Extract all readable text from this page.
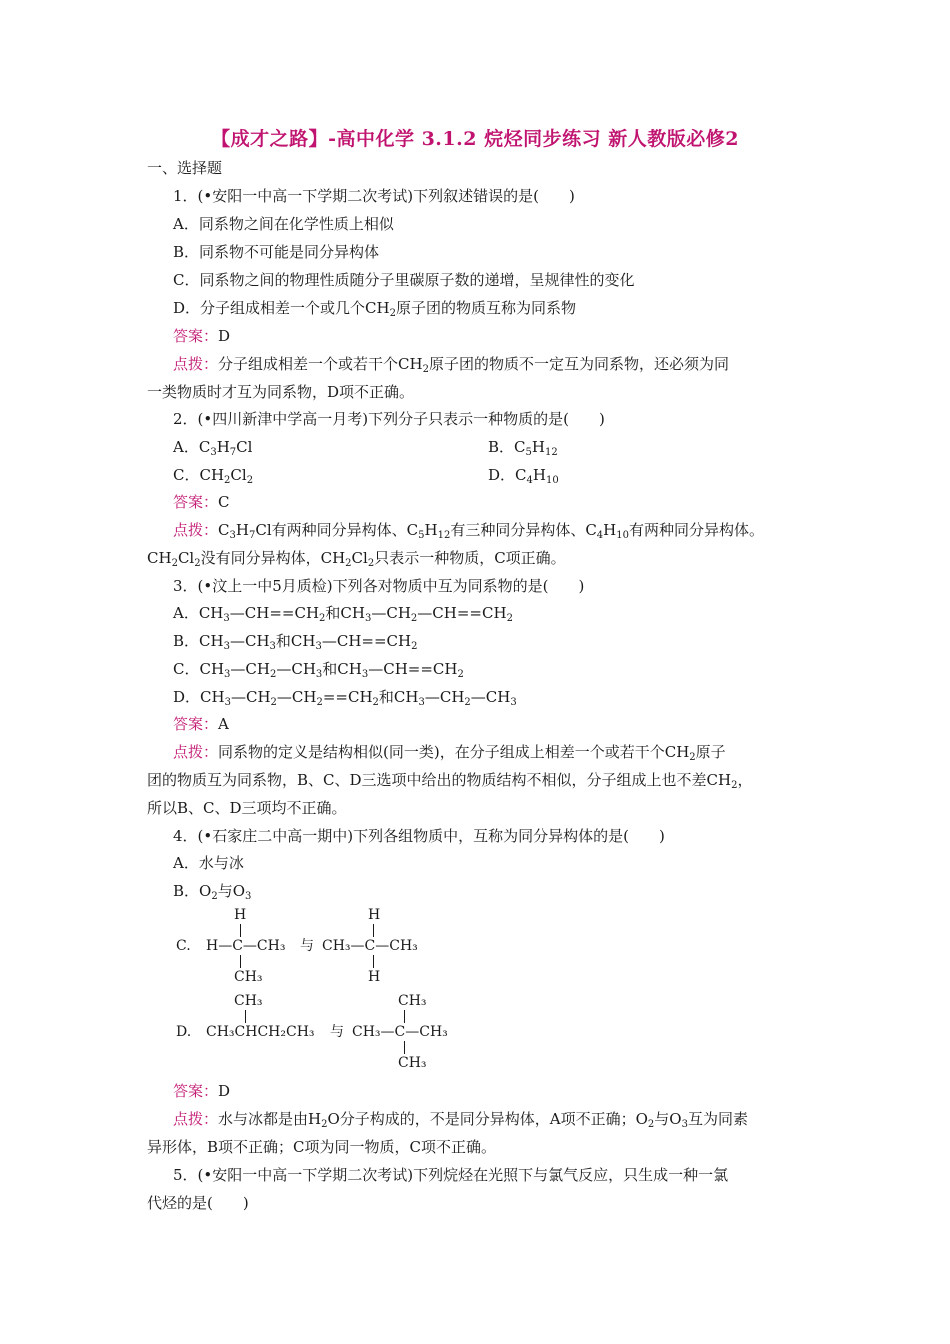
【成才之路】-高中化学 3.1.2 烷烃同步练习 新人教版必修2
一、选择题
1．(•安阳一中高一下学期二次考试)下列叙述错误的是(　　)
A．同系物之间在化学性质上相似
B．同系物不可能是同分异构体
C．同系物之间的物理性质随分子里碳原子数的递增，呈规律性的变化
D．分子组成相差一个或几个$CH_2$原子团的物质互称为同系物
答案：D
点拨：分子组成相差一个或若干个$CH_2$原子团的物质不一定互为同系物，还必须为同
一类物质时才互为同系物，D项不正确。
2．(•四川新津中学高一月考)下列分子只表示一种物质的是(　　)
A．$C_3H_7Cl$	B．$C_5H_{12}$
C．$CH_2Cl_2$	D．$C_4H_{10}$
答案：C
点拨：$C_3H_7Cl$有两种同分异构体、$C_5H_{12}$有三种同分异构体、$C_4H_{10}$有两种同分异构体。
$CH_2Cl_2$没有同分异构体，$CH_2Cl_2$只表示一种物质，C项正确。
3．(•汶上一中5月质检)下列各对物质中互为同系物的是(　　)
A．$CH_3—CH==CH_2$和$CH_3—CH_2—CH==CH_2$
B．$CH_3—CH_3$和$CH_3—CH==CH_2$
C．$CH_3—CH_2—CH_3$和$CH_3—CH==CH_2$
D．$CH_3—CH_2—CH_2==CH_2$和$CH_3—CH_2—CH_3$
答案：A
点拨：同系物的定义是结构相似(同一类)，在分子组成上相差一个或若干个$CH_2$原子
团的物质互为同系物，B、C、D三选项中给出的物质结构不相似，分子组成上也不差$CH_2$，
所以B、C、D三项均不正确。
4．(•石家庄二中高一期中)下列各组物质中，互称为同分异构体的是(　　)
A．水与冰
B．$O_2$与$O_3$
C.
H
H—C—CH₃
CH₃
与
H
CH₃—C—CH₃
H
D.
CH₃
CH₃CHCH₂CH₃ 与
CH₃
CH₃—C—CH₃
CH₃
答案：D
点拨：水与冰都是由$H_2O$分子构成的，不是同分异构体，A项不正确；$O_2$与$O_3$互为同素
异形体，B项不正确；C项为同一物质，C项不正确。
5．(•安阳一中高一下学期二次考试)下列烷烃在光照下与氯气反应，只生成一种一氯
代烃的是(　　)
